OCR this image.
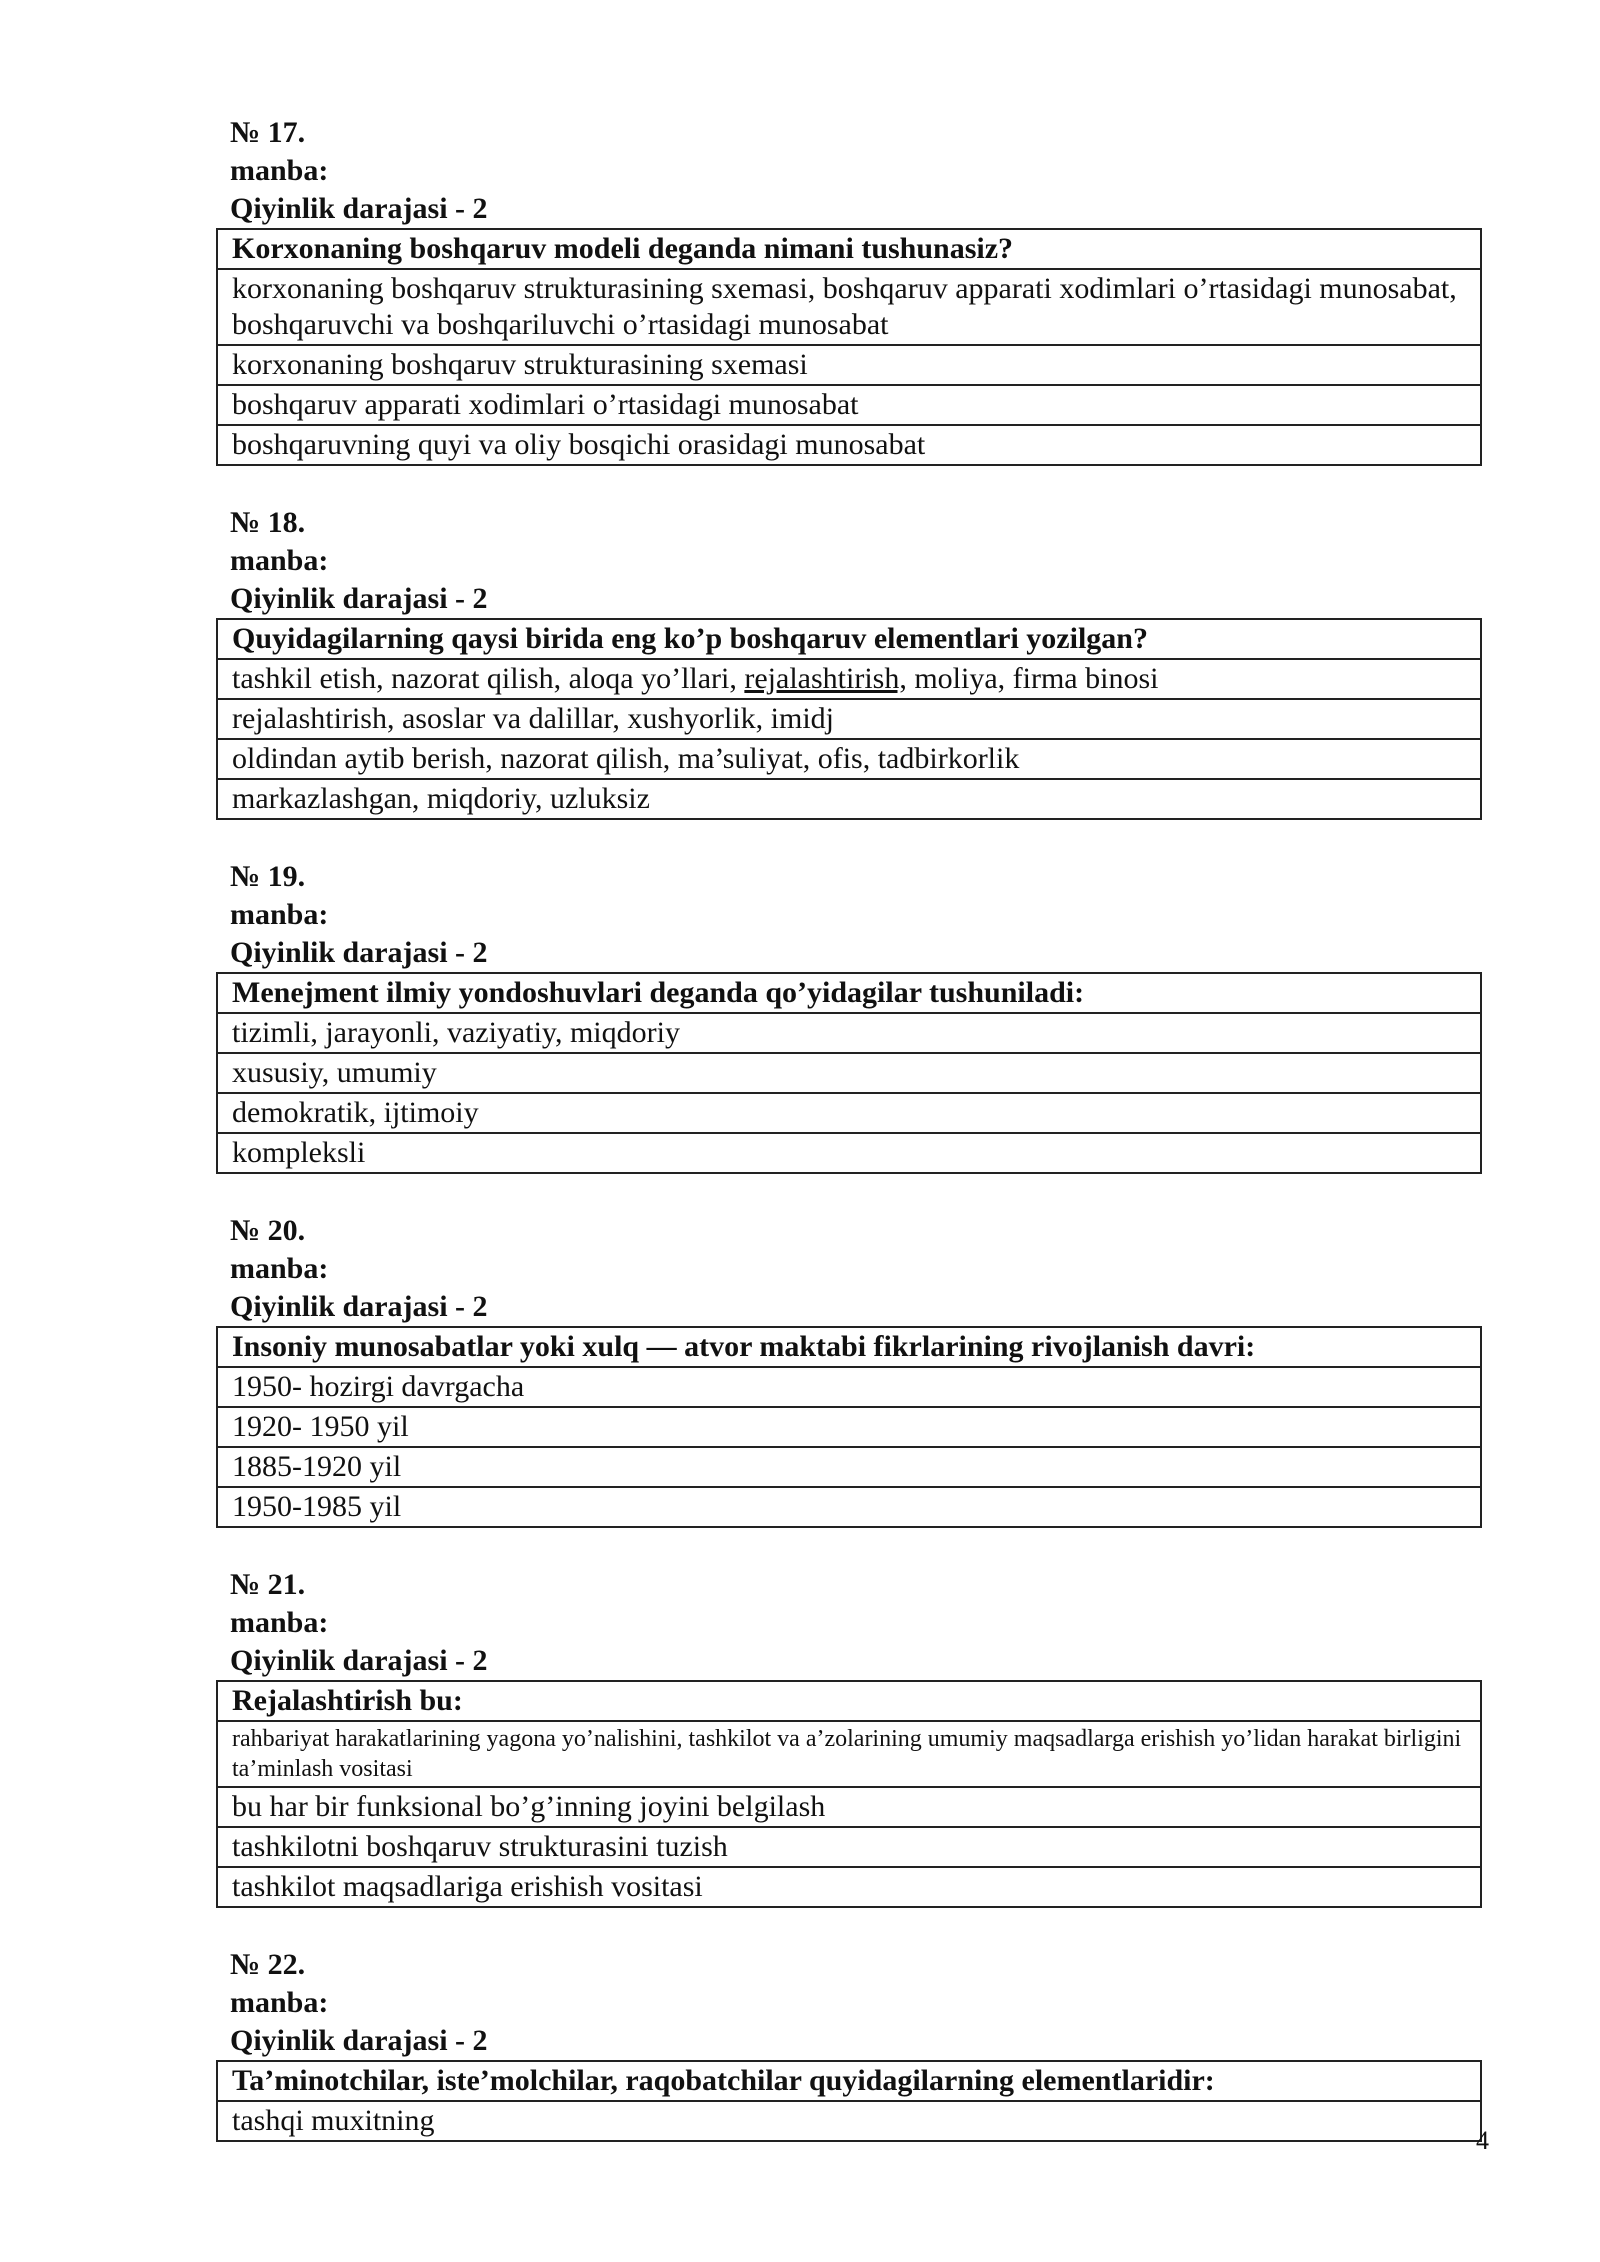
№ 17.
manba:
Qiyinlik darajasi - 2
Korxonaning boshqaruv modeli deganda nimani tushunasiz?
korxonaning boshqaruv strukturasining sxemasi, boshqaruv apparati xodimlari o’rtasidagi munosabat, boshqaruvchi va boshqariluvchi o’rtasidagi munosabat
korxonaning boshqaruv strukturasining sxemasi
boshqaruv apparati xodimlari o’rtasidagi munosabat
boshqaruvning quyi va oliy bosqichi orasidagi munosabat
№ 18.
manba:
Qiyinlik darajasi - 2
Quyidagilarning qaysi birida eng ko’p boshqaruv elementlari yozilgan?
tashkil etish, nazorat qilish, aloqa yo’llari, rejalashtirish, moliya, firma binosi
rejalashtirish, asoslar va dalillar, xushyorlik, imidj
oldindan aytib berish, nazorat qilish, ma’suliyat, ofis, tadbirkorlik
markazlashgan, miqdoriy, uzluksiz
№ 19.
manba:
Qiyinlik darajasi - 2
Menejment ilmiy yondoshuvlari deganda qo’yidagilar tushuniladi:
tizimli, jarayonli, vaziyatiy, miqdoriy
xususiy, umumiy
demokratik, ijtimoiy
kompleksli
№ 20.
manba:
Qiyinlik darajasi - 2
Insoniy munosabatlar yoki xulq — atvor maktabi fikrlarining rivojlanish davri:
1950- hozirgi davrgacha
1920- 1950 yil
1885-1920 yil
1950-1985 yil
№ 21.
manba:
Qiyinlik darajasi - 2
Rejalashtirish bu:
rahbariyat harakatlarining yagona yo’nalishini, tashkilot va a’zolarining umumiy maqsadlarga erishish yo’lidan harakat birligini ta’minlash vositasi
bu har bir funksional bo’g’inning joyini belgilash
tashkilotni boshqaruv strukturasini tuzish
tashkilot maqsadlariga erishish vositasi
№ 22.
manba:
Qiyinlik darajasi - 2
Ta’minotchilar, iste’molchilar, raqobatchilar quyidagilarning elementlaridir:
tashqi muxitning
4
